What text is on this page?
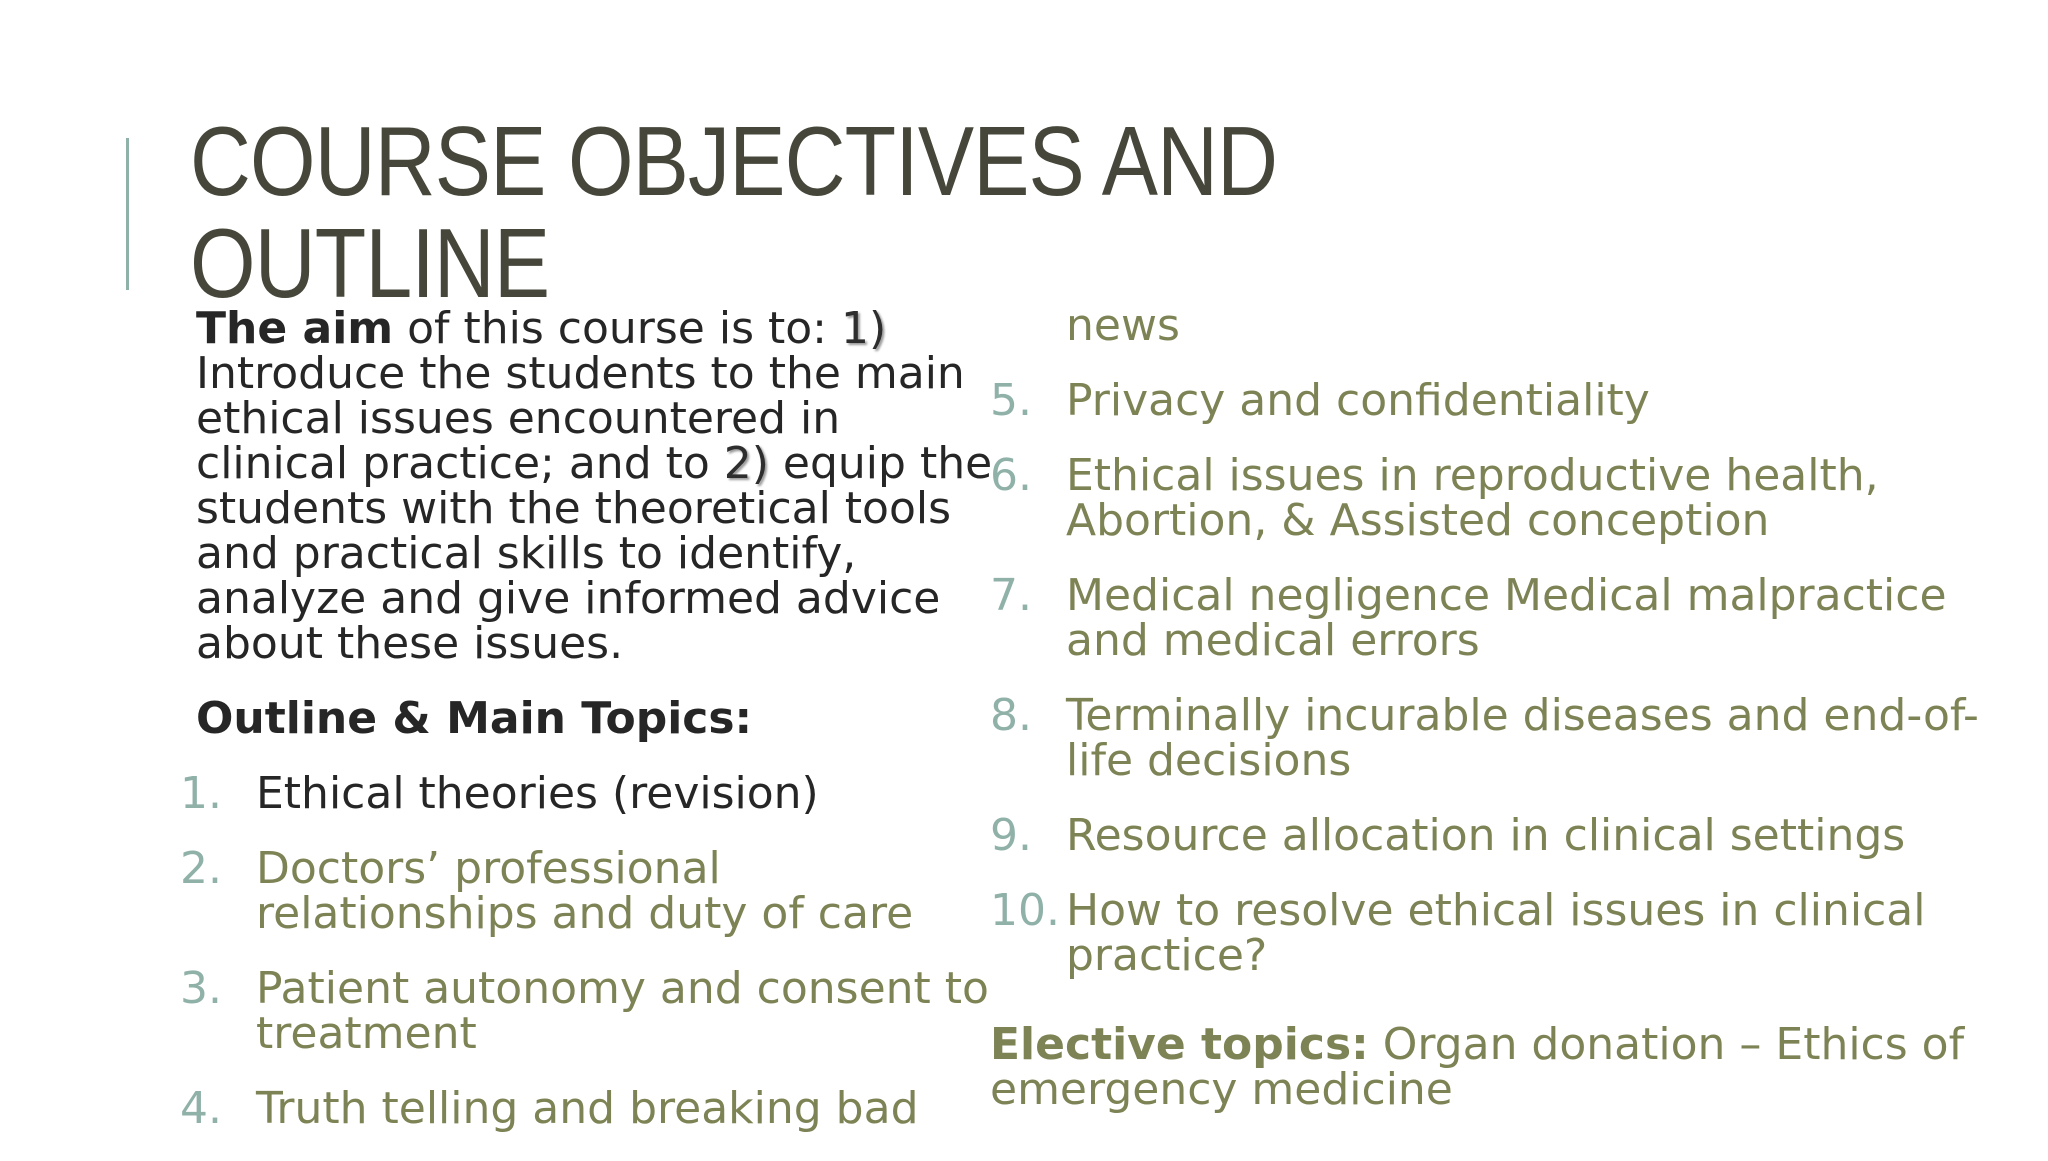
COURSE OBJECTIVES AND OUTLINE

The aim of this course is to: 1) Introduce the students to the main ethical issues encountered in clinical practice; and to 2) equip the students with the theoretical tools and practical skills to identify, analyze and give informed advice about these issues.

Outline & Main Topics:

1. Ethical theories (revision)
2. Doctors’ professional relationships and duty of care
3. Patient autonomy and consent to treatment
4. Truth telling and breaking bad
news
5. Privacy and confidentiality
6. Ethical issues in reproductive health, Abortion, & Assisted conception
7. Medical negligence Medical malpractice and medical errors
8. Terminally incurable diseases and end-of-life decisions
9. Resource allocation in clinical settings
10. How to resolve ethical issues in clinical practice?

Elective topics: Organ donation – Ethics of emergency medicine
